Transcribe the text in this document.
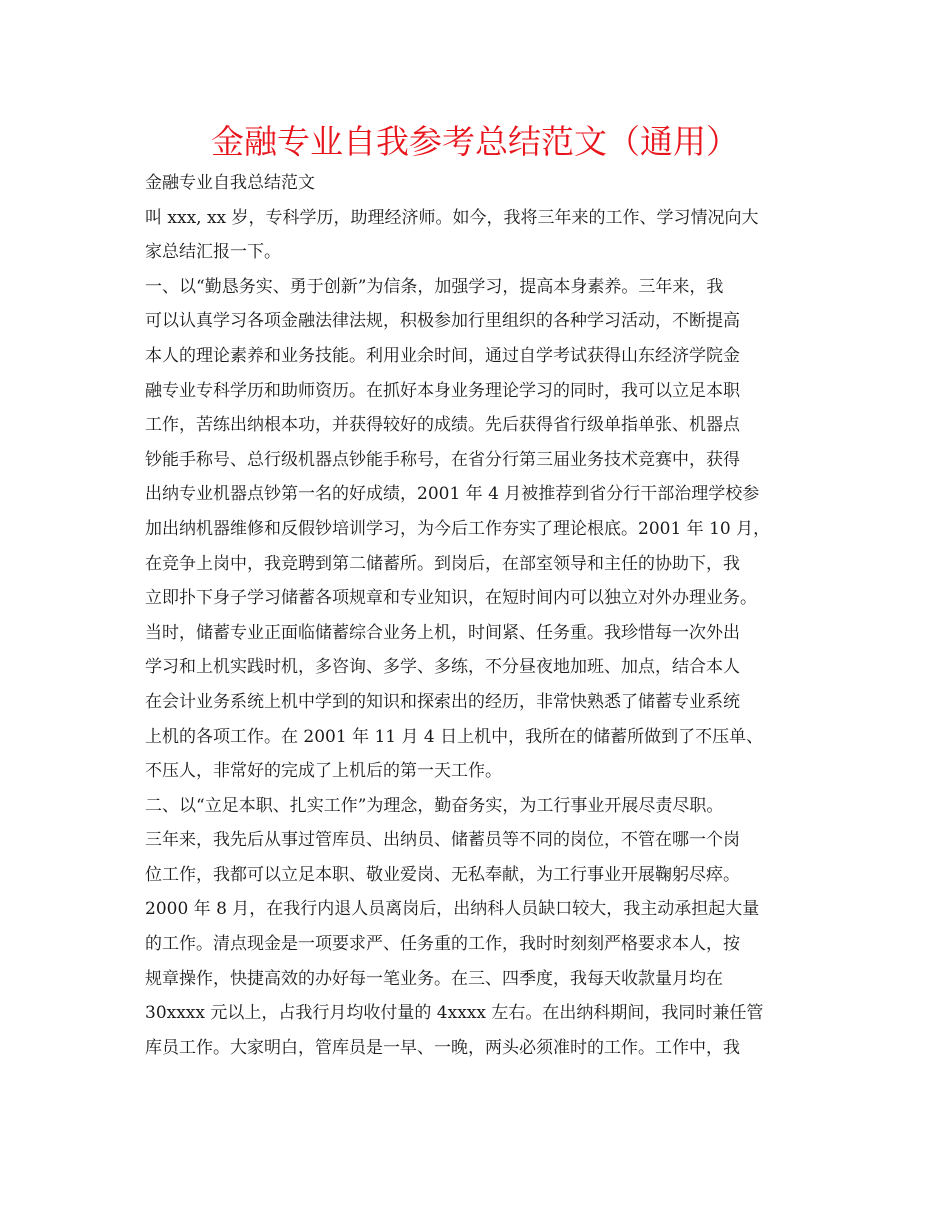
金融专业自我参考总结范文（通用）
金融专业自我总结范文
叫 xxx, xx 岁，专科学历，助理经济师。如今，我将三年来的工作、学习情况向大
家总结汇报一下。
一、以“勤恳务实、勇于创新”为信条，加强学习，提高本身素养。三年来，我
可以认真学习各项金融法律法规，积极参加行里组织的各种学习活动，不断提高
本人的理论素养和业务技能。利用业余时间，通过自学考试获得山东经济学院金
融专业专科学历和助师资历。在抓好本身业务理论学习的同时，我可以立足本职
工作，苦练出纳根本功，并获得较好的成绩。先后获得省行级单指单张、机器点
钞能手称号、总行级机器点钞能手称号，在省分行第三届业务技术竞赛中，获得
出纳专业机器点钞第一名的好成绩，2001 年 4 月被推荐到省分行干部治理学校参
加出纳机器维修和反假钞培训学习，为今后工作夯实了理论根底。2001 年 10 月，
在竞争上岗中，我竞聘到第二储蓄所。到岗后，在部室领导和主任的协助下，我
立即扑下身子学习储蓄各项规章和专业知识，在短时间内可以独立对外办理业务。
当时，储蓄专业正面临储蓄综合业务上机，时间紧、任务重。我珍惜每一次外出
学习和上机实践时机，多咨询、多学、多练，不分昼夜地加班、加点，结合本人
在会计业务系统上机中学到的知识和探索出的经历，非常快熟悉了储蓄专业系统
上机的各项工作。在 2001 年 11 月 4 日上机中，我所在的储蓄所做到了不压单、
不压人，非常好的完成了上机后的第一天工作。
二、以“立足本职、扎实工作”为理念，勤奋务实，为工行事业开展尽责尽职。
三年来，我先后从事过管库员、出纳员、储蓄员等不同的岗位，不管在哪一个岗
位工作，我都可以立足本职、敬业爱岗、无私奉献，为工行事业开展鞠躬尽瘁。
2000 年 8 月，在我行内退人员离岗后，出纳科人员缺口较大，我主动承担起大量
的工作。清点现金是一项要求严、任务重的工作，我时时刻刻严格要求本人，按
规章操作，快捷高效的办好每一笔业务。在三、四季度，我每天收款量月均在
30xxxx 元以上，占我行月均收付量的 4xxxx 左右。在出纳科期间，我同时兼任管
库员工作。大家明白，管库员是一早、一晚，两头必须准时的工作。工作中，我
